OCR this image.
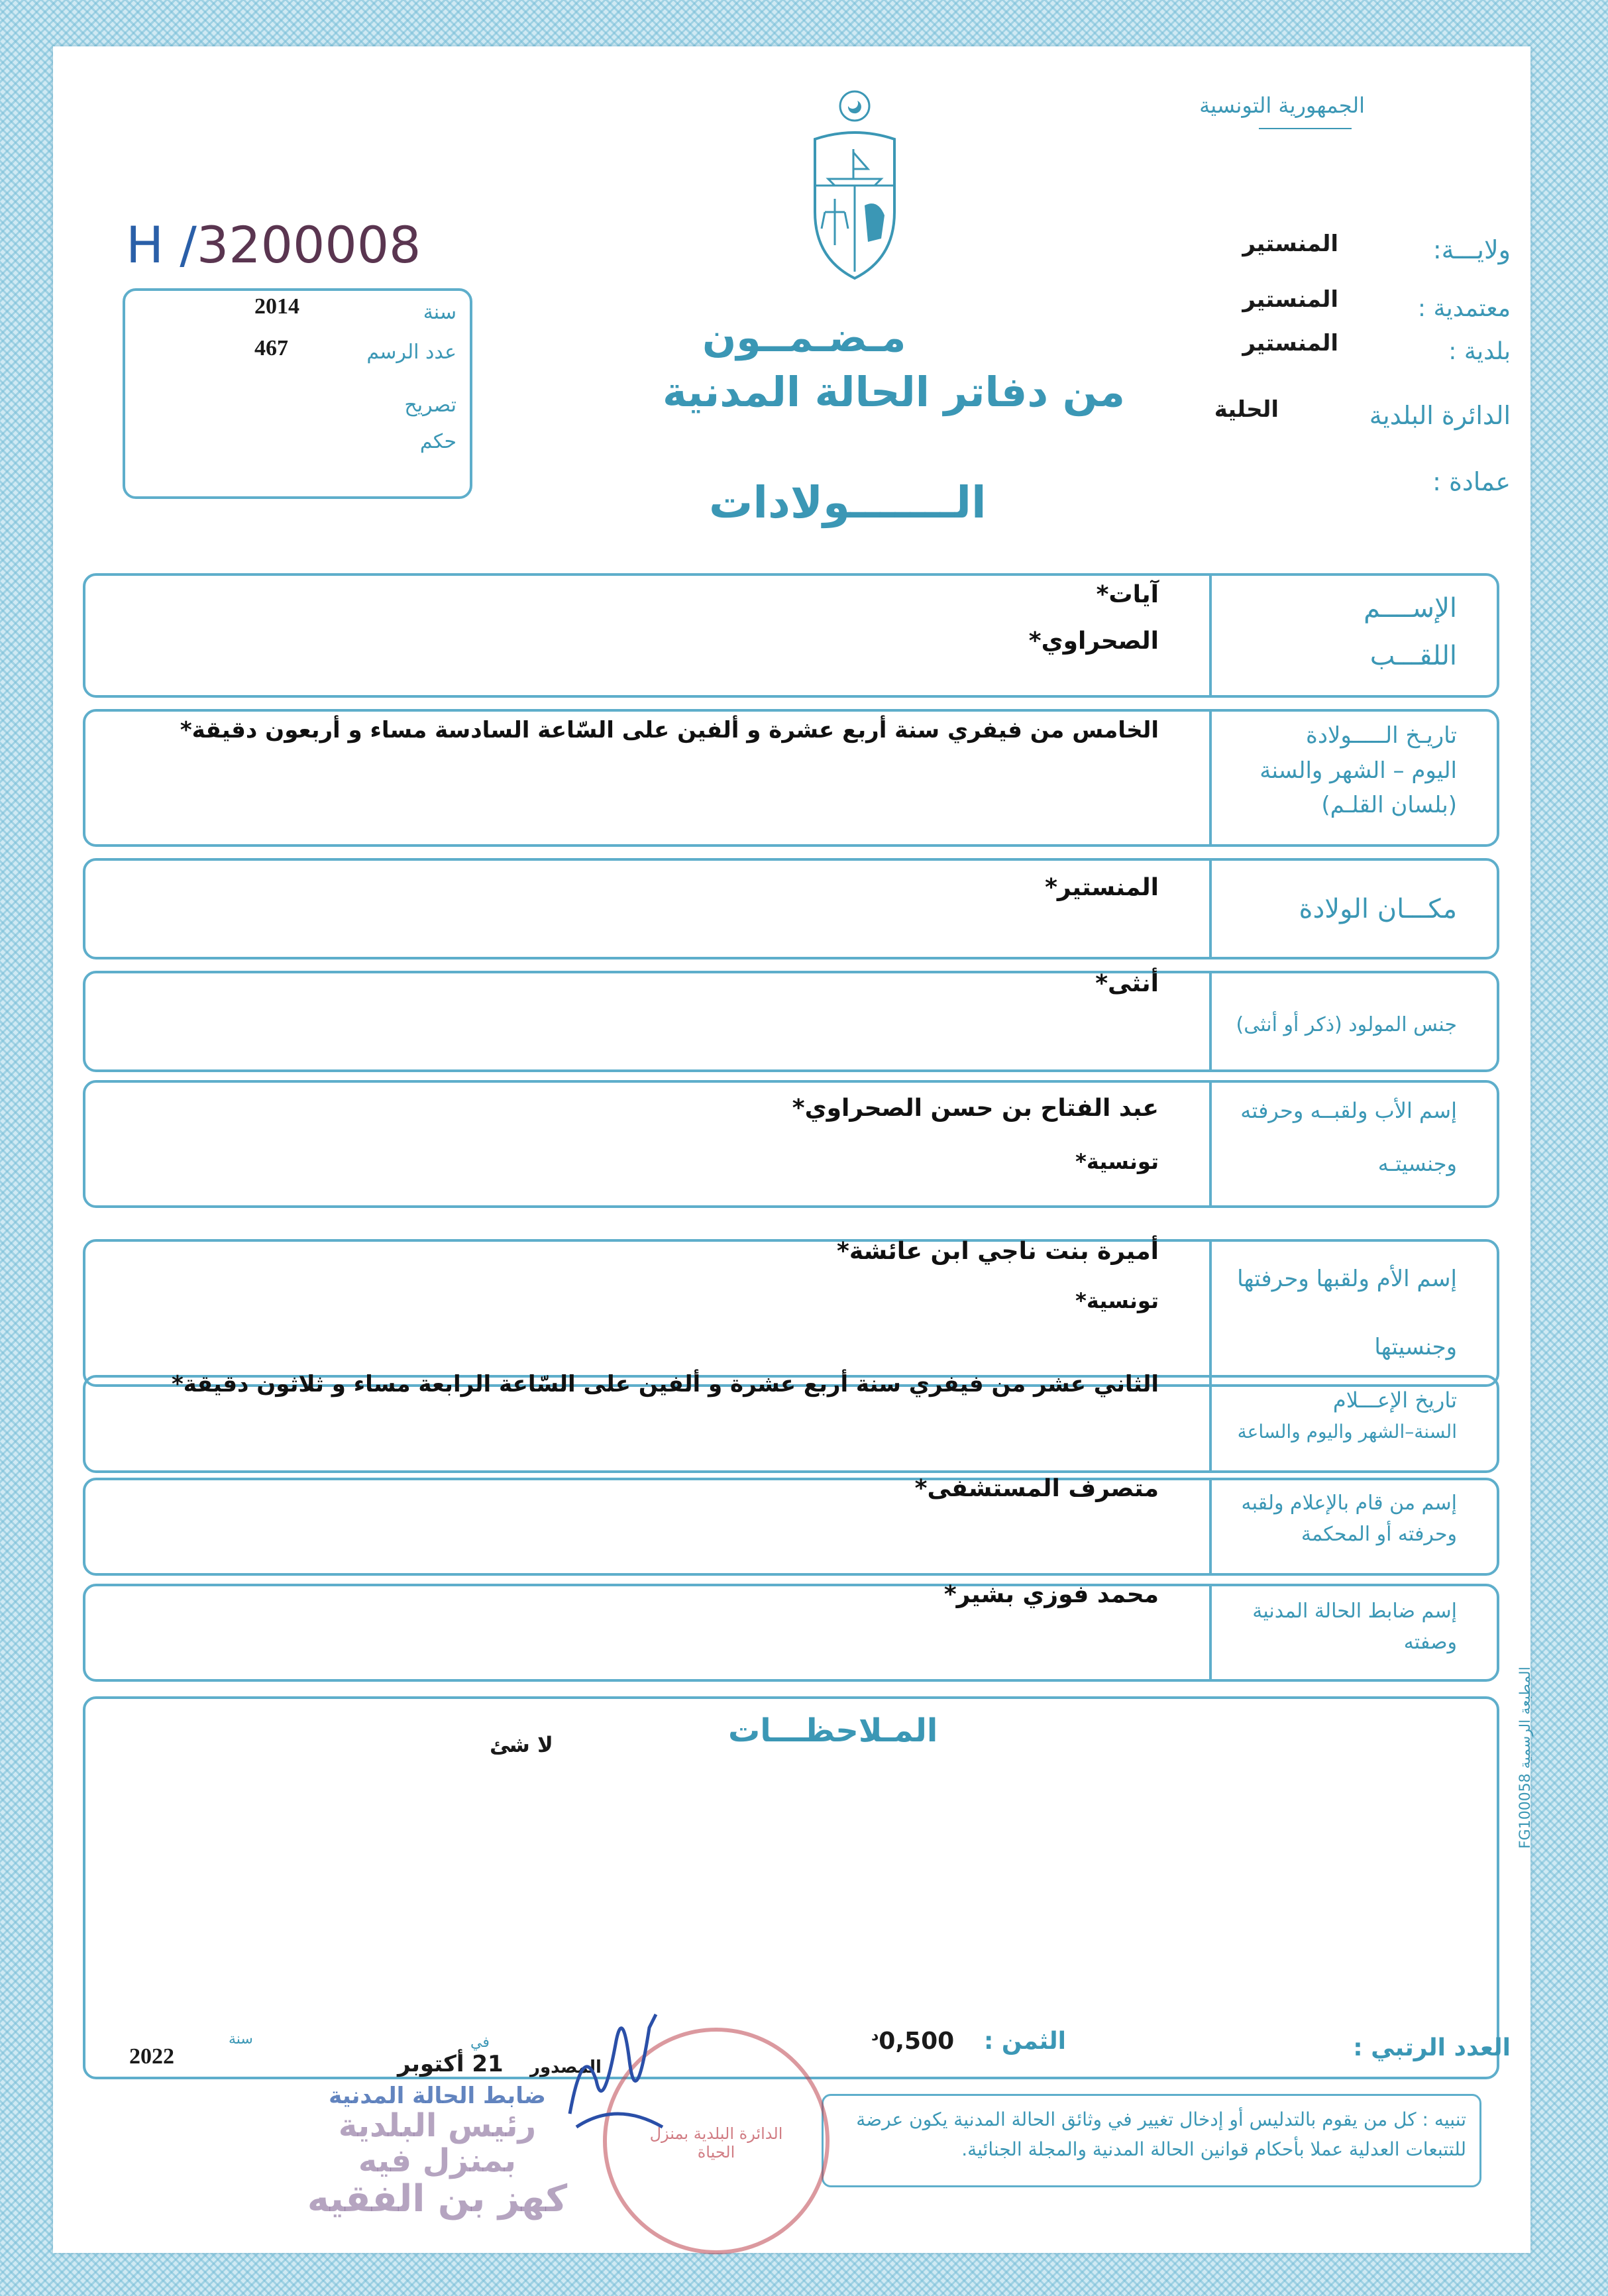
الجمهورية التونسية
H /3200008
سنة
2014
عدد الرسم
467
تصريح
حكم
مـضـمــون
من دفاتر الحالة المدنية
الـــــــولادات
ولايـــة:
المنستير
معتمدية :
المنستير
بلدية :
المنستير
الدائرة البلدية
الحلية
عمادة :
الإســــم
اللقـــب
آيات*
الصحراوي*
تاريـخ الـــــولادة
اليوم – الشهر والسنة
(بلسان القلـم)
الخامس من فيفري سنة أربع عشرة و ألفين على السّاعة السادسة مساء و أربعون دقيقة*
مكـــان الولادة
المنستير*
جنس المولود (ذكر أو أنثى)
أنثى*
إسم الأب ولقبــه وحرفته
وجنسيتـه
عبد الفتاح بن حسن الصحراوي*
تونسية*
إسم الأم ولقبها وحرفتها
وجنسيتها
أميرة بنت ناجي ابن عائشة*
تونسية*
تاريخ الإعـــلام
السنة–الشهر واليوم والساعة
الثاني عشر من فيفري سنة أربع عشرة و ألفين على السّاعة الرابعة مساء و ثلاثون دقيقة*
إسم من قام بالإعلام ولقبه
وحرفته أو المحكمة
متصرف المستشفى*
إسم ضابط الحالة المدنية
وصفته
محمد فوزي بشير*
المـلاحظـــات
لا شئ
المطبعة الرسمية FG100058
العدد الرتبي :
الثمن :
$0,500^د$
المصدور
في
21 أكتوبر
سنة
2022
تنبيه : كل من يقوم بالتدليس أو إدخال تغيير في وثائق الحالة المدنية يكون عرضة للتتبعات العدلية عملا بأحكام قوانين الحالة المدنية والمجلة الجنائية.
ضابط الحالة المدنية
رئيس البلدية
بمنزل فيه
كهز بن الفقيه
الدائرة البلدية بمنزل الحياة
